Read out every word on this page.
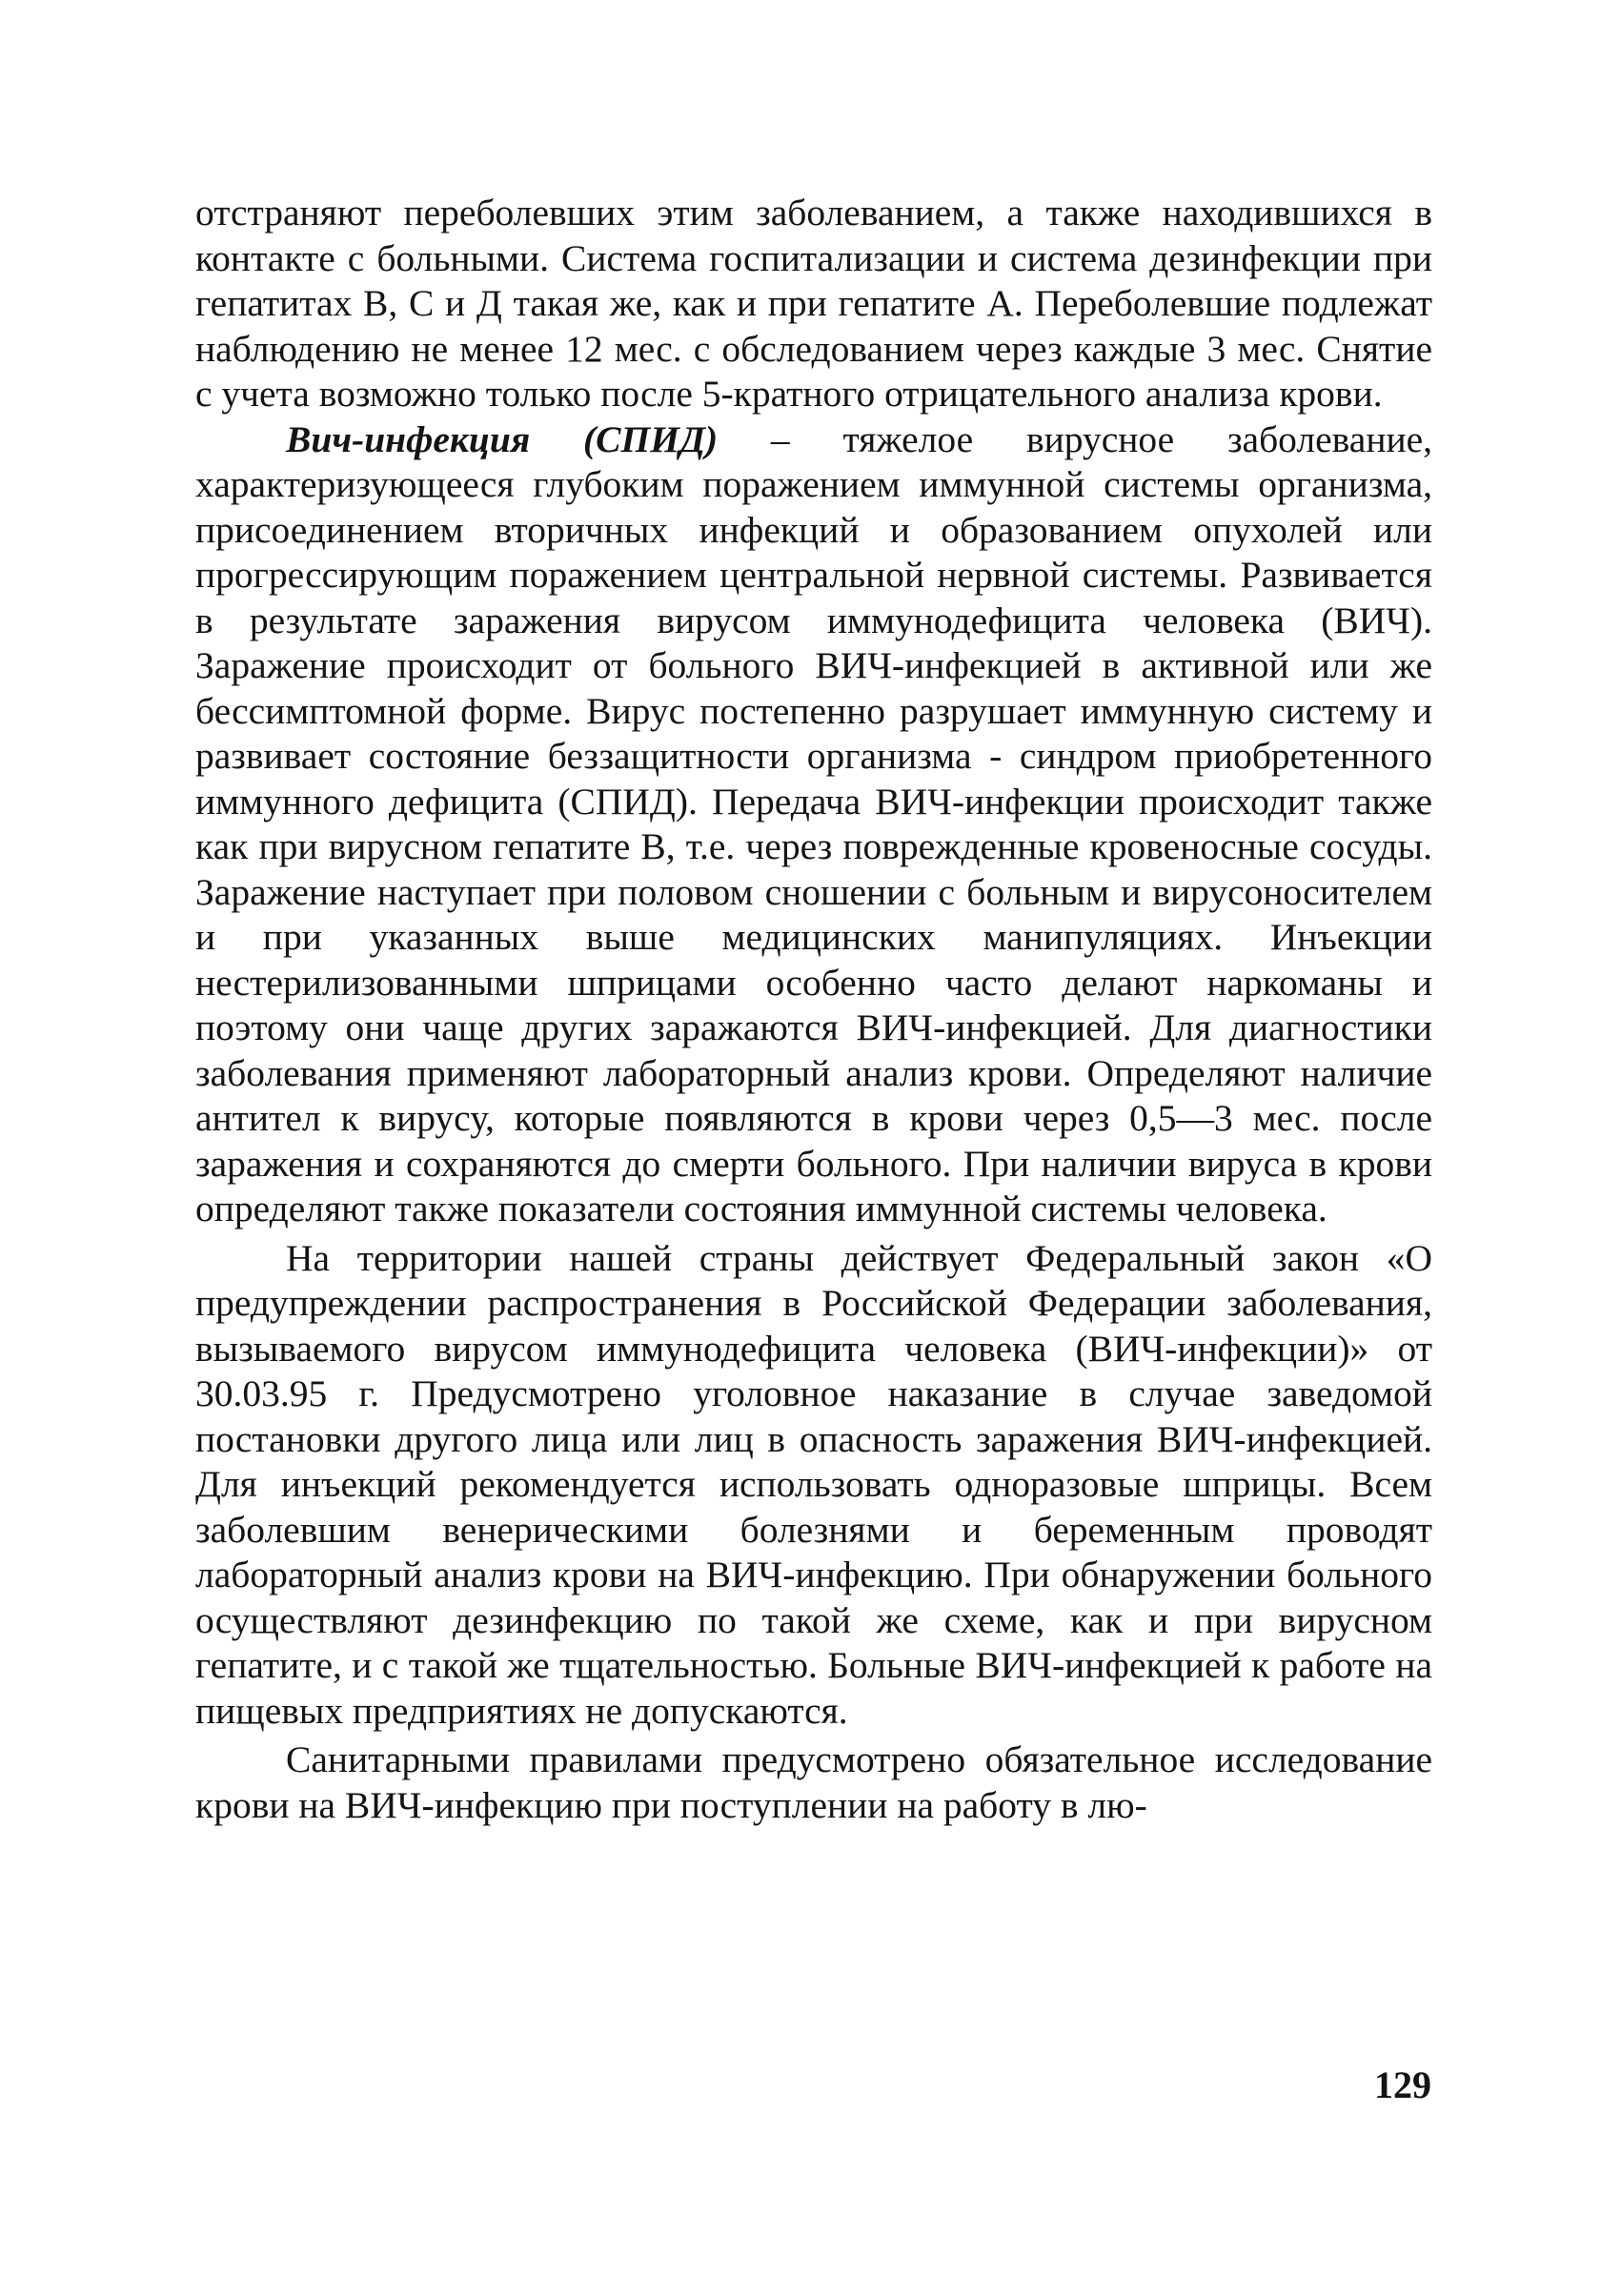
отстраняют переболевших этим заболеванием, а также находившихся в контакте с больными. Система госпитализации и система дезинфекции при гепатитах В, С и Д такая же, как и при гепатите А. Переболевшие подлежат наблюдению не менее 12 мес. с обследованием через каждые 3 мес. Снятие с учета возможно только после 5-кратного отрицательного анализа крови.

Вич-инфекция (СПИД) – тяжелое вирусное заболевание, характеризующееся глубоким поражением иммунной системы организма, присоединением вторичных инфекций и образованием опухолей или прогрессирующим поражением центральной нервной системы. Развивается в результате заражения вирусом иммунодефицита человека (ВИЧ). Заражение происходит от больного ВИЧ-инфекцией в активной или же бессимптомной форме. Вирус постепенно разрушает иммунную систему и развивает состояние беззащитности организма - синдром приобретенного иммунного дефицита (СПИД). Передача ВИЧ-инфекции происходит также как при вирусном гепатите В, т.е. через поврежденные кровеносные сосуды. Заражение наступает при половом сношении с больным и вирусоносителем и при указанных выше медицинских манипуляциях. Инъекции нестерилизованными шприцами особенно часто делают наркоманы и поэтому они чаще других заражаются ВИЧ-инфекцией. Для диагностики заболевания применяют лабораторный анализ крови. Определяют наличие антител к вирусу, которые появляются в крови через 0,5—3 мес. после заражения и сохраняются до смерти больного. При наличии вируса в крови определяют также показатели состояния иммунной системы человека.

На территории нашей страны действует Федеральный закон «О предупреждении распространения в Российской Федерации заболевания, вызываемого вирусом иммунодефицита человека (ВИЧ-инфекции)» от 30.03.95 г. Предусмотрено уголовное наказание в случае заведомой постановки другого лица или лиц в опасность заражения ВИЧ-инфекцией. Для инъекций рекомендуется использовать одноразовые шприцы. Всем заболевшим венерическими болезнями и беременным проводят лабораторный анализ крови на ВИЧ-инфекцию. При обнаружении больного осуществляют дезинфекцию по такой же схеме, как и при вирусном гепатите, и с такой же тщательностью. Больные ВИЧ-инфекцией к работе на пищевых предприятиях не допускаются.

Санитарными правилами предусмотрено обязательное исследование крови на ВИЧ-инфекцию при поступлении на работу в лю-

129
